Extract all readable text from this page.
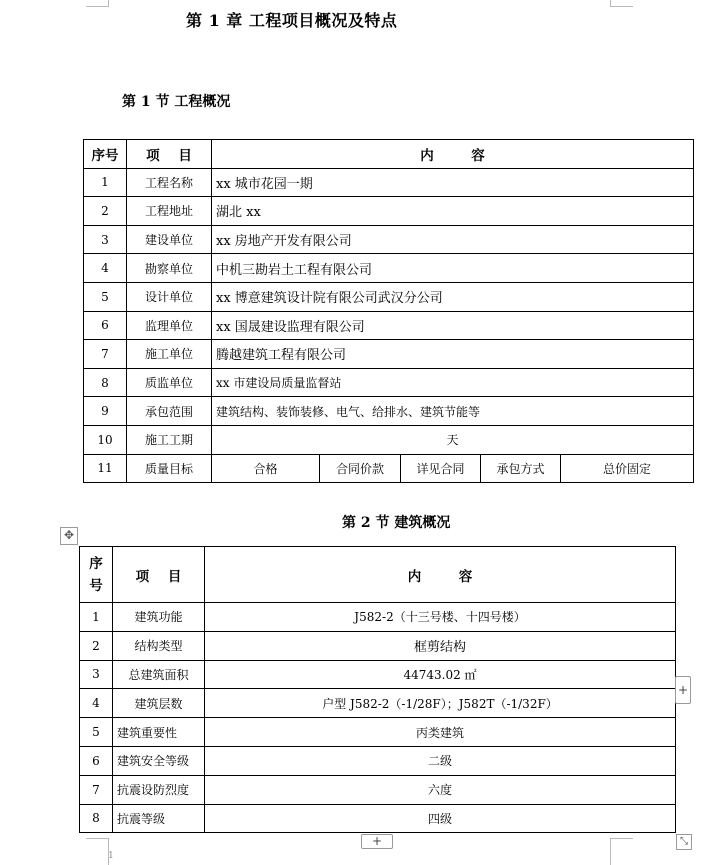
第 1 章 工程项目概况及特点
第 1 节 工程概况
序号	项    目	内        容				
1	工程名称	xx 城市花园一期				
2	工程地址	湖北 xx				
3	建设单位	xx 房地产开发有限公司				
4	勘察单位	中机三勘岩土工程有限公司				
5	设计单位	xx 博意建筑设计院有限公司武汉分公司				
6	监理单位	xx 国晟建设监理有限公司				
7	施工单位	腾越建筑工程有限公司				
8	质监单位	xx 市建设局质量监督站				
9	承包范围	建筑结构、装饰装修、电气、给排水、建筑节能等				
10	施工工期	天				
11	质量目标	合格	合同价款	详见合同	承包方式	总价固定
第 2 节 建筑概况
✥
序
号	项    目	内        容
1	建筑功能	J582-2（十三号楼、十四号楼）
2	结构类型	框剪结构
3	总建筑面积	44743.02 ㎡
4	建筑层数	户型 J582-2（-1/28F）；J582T（-1/32F）
5	建筑重要性	丙类建筑
6	建筑安全等级	二级
7	抗震设防烈度	六度
8	抗震等级	四级
+
+	⤡
1
